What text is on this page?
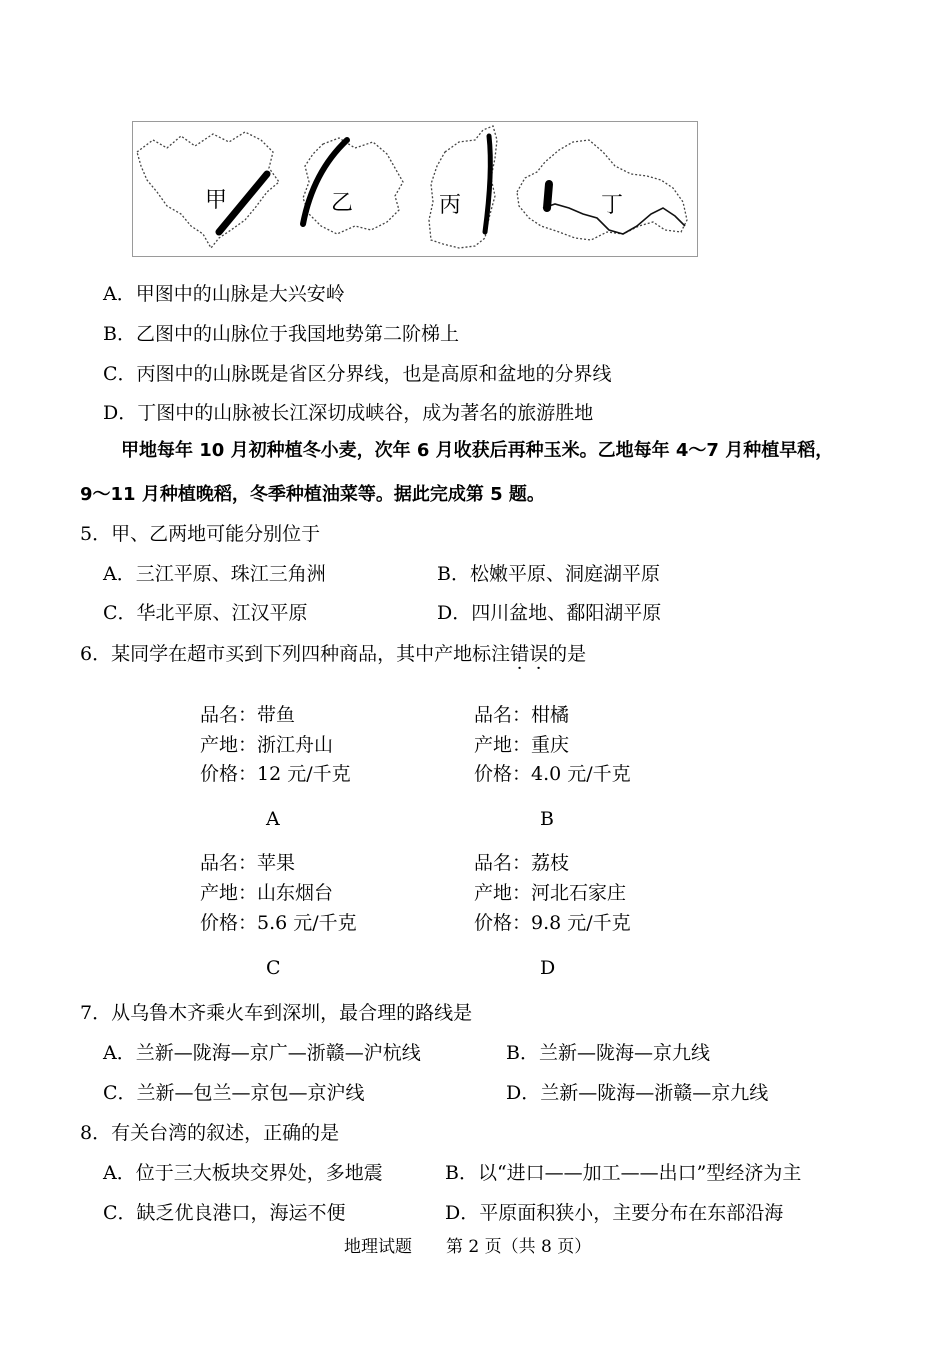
甲	乙	丙	丁
A．甲图中的山脉是大兴安岭
B．乙图中的山脉位于我国地势第二阶梯上
C．丙图中的山脉既是省区分界线，也是高原和盆地的分界线
D．丁图中的山脉被长江深切成峡谷，成为著名的旅游胜地
甲地每年 10 月初种植冬小麦，次年 6 月收获后再种玉米。乙地每年 4～7 月种植早稻，
9～11 月种植晚稻，冬季种植油菜等。据此完成第 5 题。
5．甲、乙两地可能分别位于
A．三江平原、珠江三角洲	B．松嫩平原、洞庭湖平原
C．华北平原、江汉平原	D．四川盆地、鄱阳湖平原
6．某同学在超市买到下列四种商品，其中产地标注错误的是
品名：带鱼
产地：浙江舟山
价格：12 元/千克
A
品名：柑橘
产地：重庆
价格：4.0 元/千克
B
品名：苹果
产地：山东烟台
价格：5.6 元/千克
C
品名：荔枝
产地：河北石家庄
价格：9.8 元/千克
D
7．从乌鲁木齐乘火车到深圳，最合理的路线是
A．兰新—陇海—京广—浙赣—沪杭线	B．兰新—陇海—京九线
C．兰新—包兰—京包—京沪线	D．兰新—陇海—浙赣—京九线
8．有关台湾的叙述，正确的是
A．位于三大板块交界处，多地震	B．以“进口——加工——出口”型经济为主
C．缺乏优良港口，海运不便	D．平原面积狭小，主要分布在东部沿海
地理试题　　第 2 页（共 8 页）
